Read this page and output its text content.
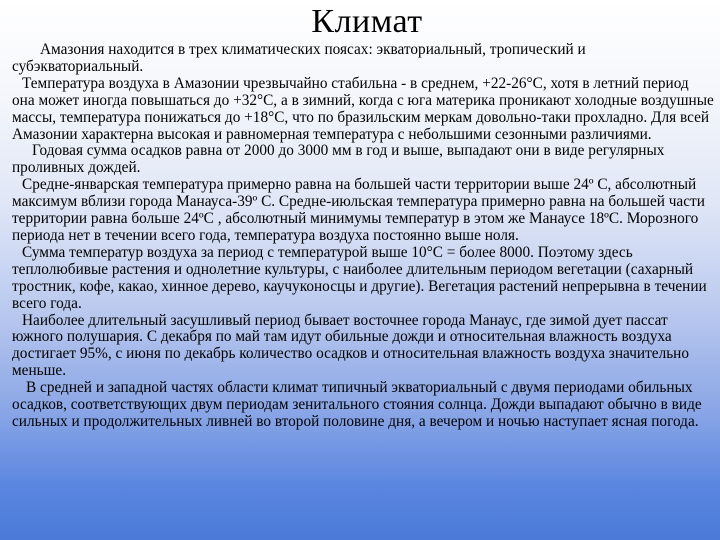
Климат

Амазония находится в трех климатических поясах: экваториальный, тропический и субэкваториальный.

Температура воздуха в Амазонии чрезвычайно стабильна - в среднем, +22-26°С, хотя в летний период она может иногда повышаться до +32°С, а в зимний, когда с юга материка проникают холодные воздушные массы, температура понижаться до +18°С, что по бразильским меркам довольно-таки прохладно. Для всей Амазонии характерна высокая и равномерная температура с небольшими сезонными различиями.

Годовая сумма осадков равна от 2000 до 3000 мм в год и выше, выпадают они в виде регулярных проливных дождей.

Средне-январская температура примерно равна на большей части территории выше 24º С, абсолютный максимум вблизи города Манауса-39º С. Средне-июльская температура примерно равна на большей части территории равна больше 24ºС , абсолютный минимумы температур в этом же Манаусе 18ºС. Морозного периода нет в течении всего года, температура воздуха постоянно выше ноля.

Сумма температур воздуха за период с температурой выше 10°С = более 8000. Поэтому здесь теплолюбивые растения и однолетние культуры, с наиболее длительным периодом вегетации (сахарный тростник, кофе, какао, хинное дерево, каучуконосцы и другие). Вегетация растений непрерывна в течении всего года.

Наиболее длительный засушливый период бывает восточнее города Манаус, где зимой дует пассат южного полушария. С декабря по май там идут обильные дожди и относительная влажность воздуха достигает 95%, с июня по декабрь количество осадков и относительная влажность воздуха значительно меньше.

В средней и западной частях области климат типичный экваториальный с двумя периодами обильных осадков, соответствующих двум периодам зенитального стояния солнца. Дожди выпадают обычно в виде сильных и продолжительных ливней во второй половине дня, а вечером и ночью наступает ясная погода.
